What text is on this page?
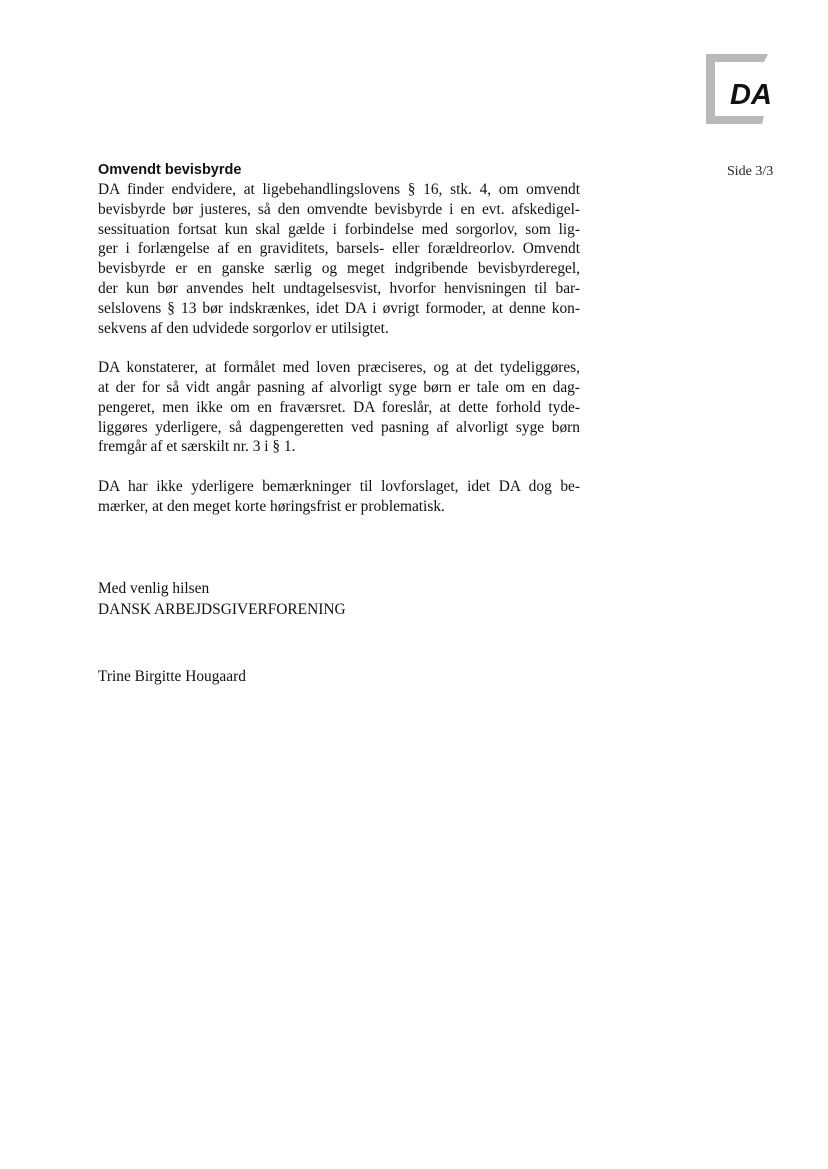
DA
Side 3/3
Omvendt bevisbyrde

DA finder endvidere, at ligebehandlingslovens § 16, stk. 4, om omvendt
bevisbyrde bør justeres, så den omvendte bevisbyrde i en evt. afskedigel-
sessituation fortsat kun skal gælde i forbindelse med sorgorlov, som lig-
ger i forlængelse af en graviditets, barsels- eller forældreorlov. Omvendt
bevisbyrde er en ganske særlig og meget indgribende bevisbyrderegel,
der kun bør anvendes helt undtagelsesvist, hvorfor henvisningen til bar-
selslovens § 13 bør indskrænkes, idet DA i øvrigt formoder, at denne kon-
sekvens af den udvidede sorgorlov er utilsigtet.

DA konstaterer, at formålet med loven præciseres, og at det tydeliggøres,
at der for så vidt angår pasning af alvorligt syge børn er tale om en dag-
pengeret, men ikke om en fraværsret. DA foreslår, at dette forhold tyde-
liggøres yderligere, så dagpengeretten ved pasning af alvorligt syge børn
fremgår af et særskilt nr. 3 i § 1.

DA har ikke yderligere bemærkninger til lovforslaget, idet DA dog be-
mærker, at den meget korte høringsfrist er problematisk.

Med venlig hilsen
DANSK ARBEJDSGIVERFORENING
Trine Birgitte Hougaard
